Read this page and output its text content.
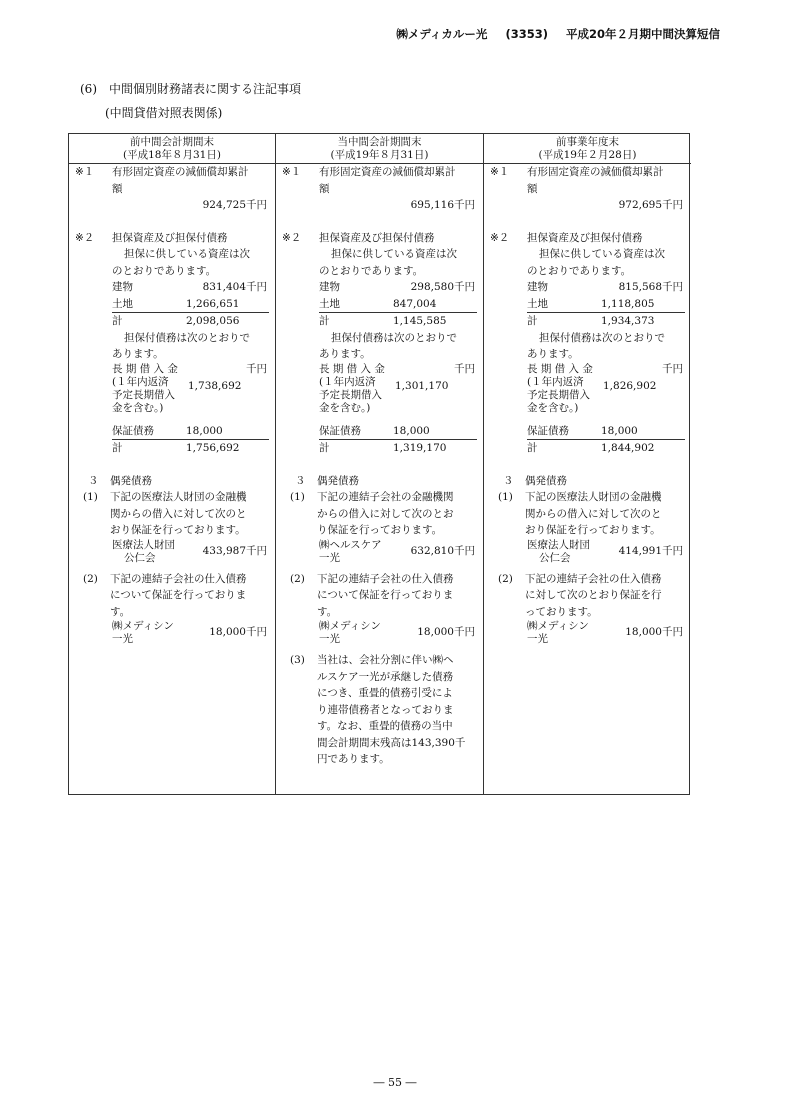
㈱メディカルー光 (3353) 平成20年２月期中間決算短信
(6)　中間個別財務諸表に関する注記事項
(中間貸借対照表関係)
前中間会計期間末
(平成18年８月31日)
※１ 有形固定資産の減価償却累計
額
924,725千円
※２ 担保資産及び担保付債務
担保に供している資産は次
のとおりであります。
建物	831,404千円
土地	1,266,651
計	2,098,056
担保付債務は次のとおりで
あります。
長 期 借 入 金
(１年内返済
予定長期借入
金を含む。)
千円
1,738,692
保証債務	18,000
計	1,756,692
３ 偶発債務
(1) 下記の医療法人財団の金融機
関からの借入に対して次のと
おり保証を行っております。
医療法人財団
公仁会
433,987千円
(2) 下記の連結子会社の仕入債務
について保証を行っておりま
す。
㈱メディシン
一光
18,000千円
当中間会計期間末
(平成19年８月31日)
※１ 有形固定資産の減価償却累計
額
695,116千円
※２ 担保資産及び担保付債務
担保に供している資産は次
のとおりであります。
建物	298,580千円
土地	847,004
計	1,145,585
担保付債務は次のとおりで
あります。
長 期 借 入 金
(１年内返済
予定長期借入
金を含む。)
千円
1,301,170
保証債務	18,000
計	1,319,170
３ 偶発債務
(1) 下記の連結子会社の金融機関
からの借入に対して次のとお
り保証を行っております。
㈱ヘルスケア
一光
632,810千円
(2) 下記の連結子会社の仕入債務
について保証を行っておりま
す。
㈱メディシン
一光
18,000千円
(3) 当社は、会社分割に伴い㈱ヘ
ルスケア一光が承継した債務
につき、重畳的債務引受によ
り連帯債務者となっておりま
す。なお、重畳的債務の当中
間会計期間末残高は143,390千
円であります。
前事業年度末
(平成19年２月28日)
※１ 有形固定資産の減価償却累計
額
972,695千円
※２ 担保資産及び担保付債務
担保に供している資産は次
のとおりであります。
建物	815,568千円
土地	1,118,805
計	1,934,373
担保付債務は次のとおりで
あります。
長 期 借 入 金
(１年内返済
予定長期借入
金を含む。)
千円
1,826,902
保証債務	18,000
計	1,844,902
３ 偶発債務
(1) 下記の医療法人財団の金融機
関からの借入に対して次のと
おり保証を行っております。
医療法人財団
公仁会
414,991千円
(2) 下記の連結子会社の仕入債務
に対して次のとおり保証を行
っております。
㈱メディシン
一光
18,000千円
― 55 ―
